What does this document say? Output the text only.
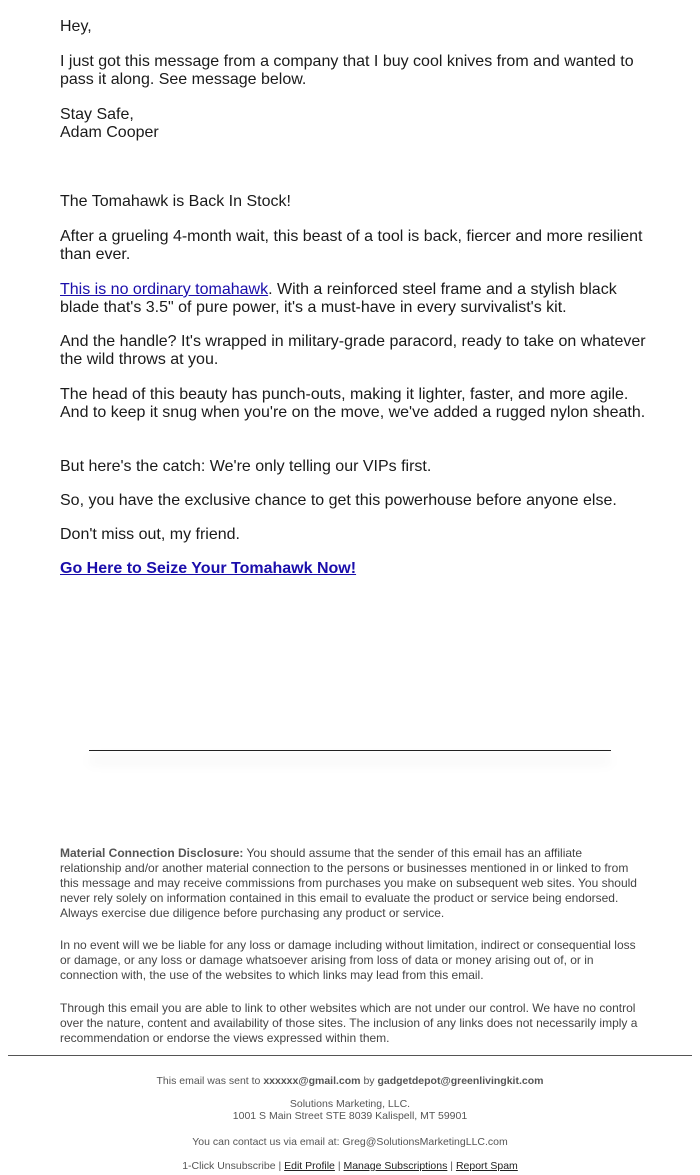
Hey,

I just got this message from a company that I buy cool knives from and wanted to pass it along. See message below.

Stay Safe,
Adam Cooper

The Tomahawk is Back In Stock!

After a grueling 4-month wait, this beast of a tool is back, fiercer and more resilient than ever.

This is no ordinary tomahawk. With a reinforced steel frame and a stylish black blade that's 3.5" of pure power, it's a must-have in every survivalist's kit.

And the handle? It's wrapped in military-grade paracord, ready to take on whatever the wild throws at you.

The head of this beauty has punch-outs, making it lighter, faster, and more agile. And to keep it snug when you're on the move, we've added a rugged nylon sheath.

But here's the catch: We're only telling our VIPs first.

So, you have the exclusive chance to get this powerhouse before anyone else.

Don't miss out, my friend.

Go Here to Seize Your Tomahawk Now!

Material Connection Disclosure: You should assume that the sender of this email has an affiliate relationship and/or another material connection to the persons or businesses mentioned in or linked to from this message and may receive commissions from purchases you make on subsequent web sites. You should never rely solely on information contained in this email to evaluate the product or service being endorsed. Always exercise due diligence before purchasing any product or service.

In no event will we be liable for any loss or damage including without limitation, indirect or consequential loss or damage, or any loss or damage whatsoever arising from loss of data or money arising out of, or in connection with, the use of the websites to which links may lead from this email.

Through this email you are able to link to other websites which are not under our control. We have no control over the nature, content and availability of those sites. The inclusion of any links does not necessarily imply a recommendation or endorse the views expressed within them.

This email was sent to xxxxxx@gmail.com by gadgetdepot@greenlivingkit.com

Solutions Marketing, LLC.
1001 S Main Street STE 8039 Kalispell, MT 59901

You can contact us via email at: Greg@SolutionsMarketingLLC.com

1-Click Unsubscribe | Edit Profile | Manage Subscriptions | Report Spam
